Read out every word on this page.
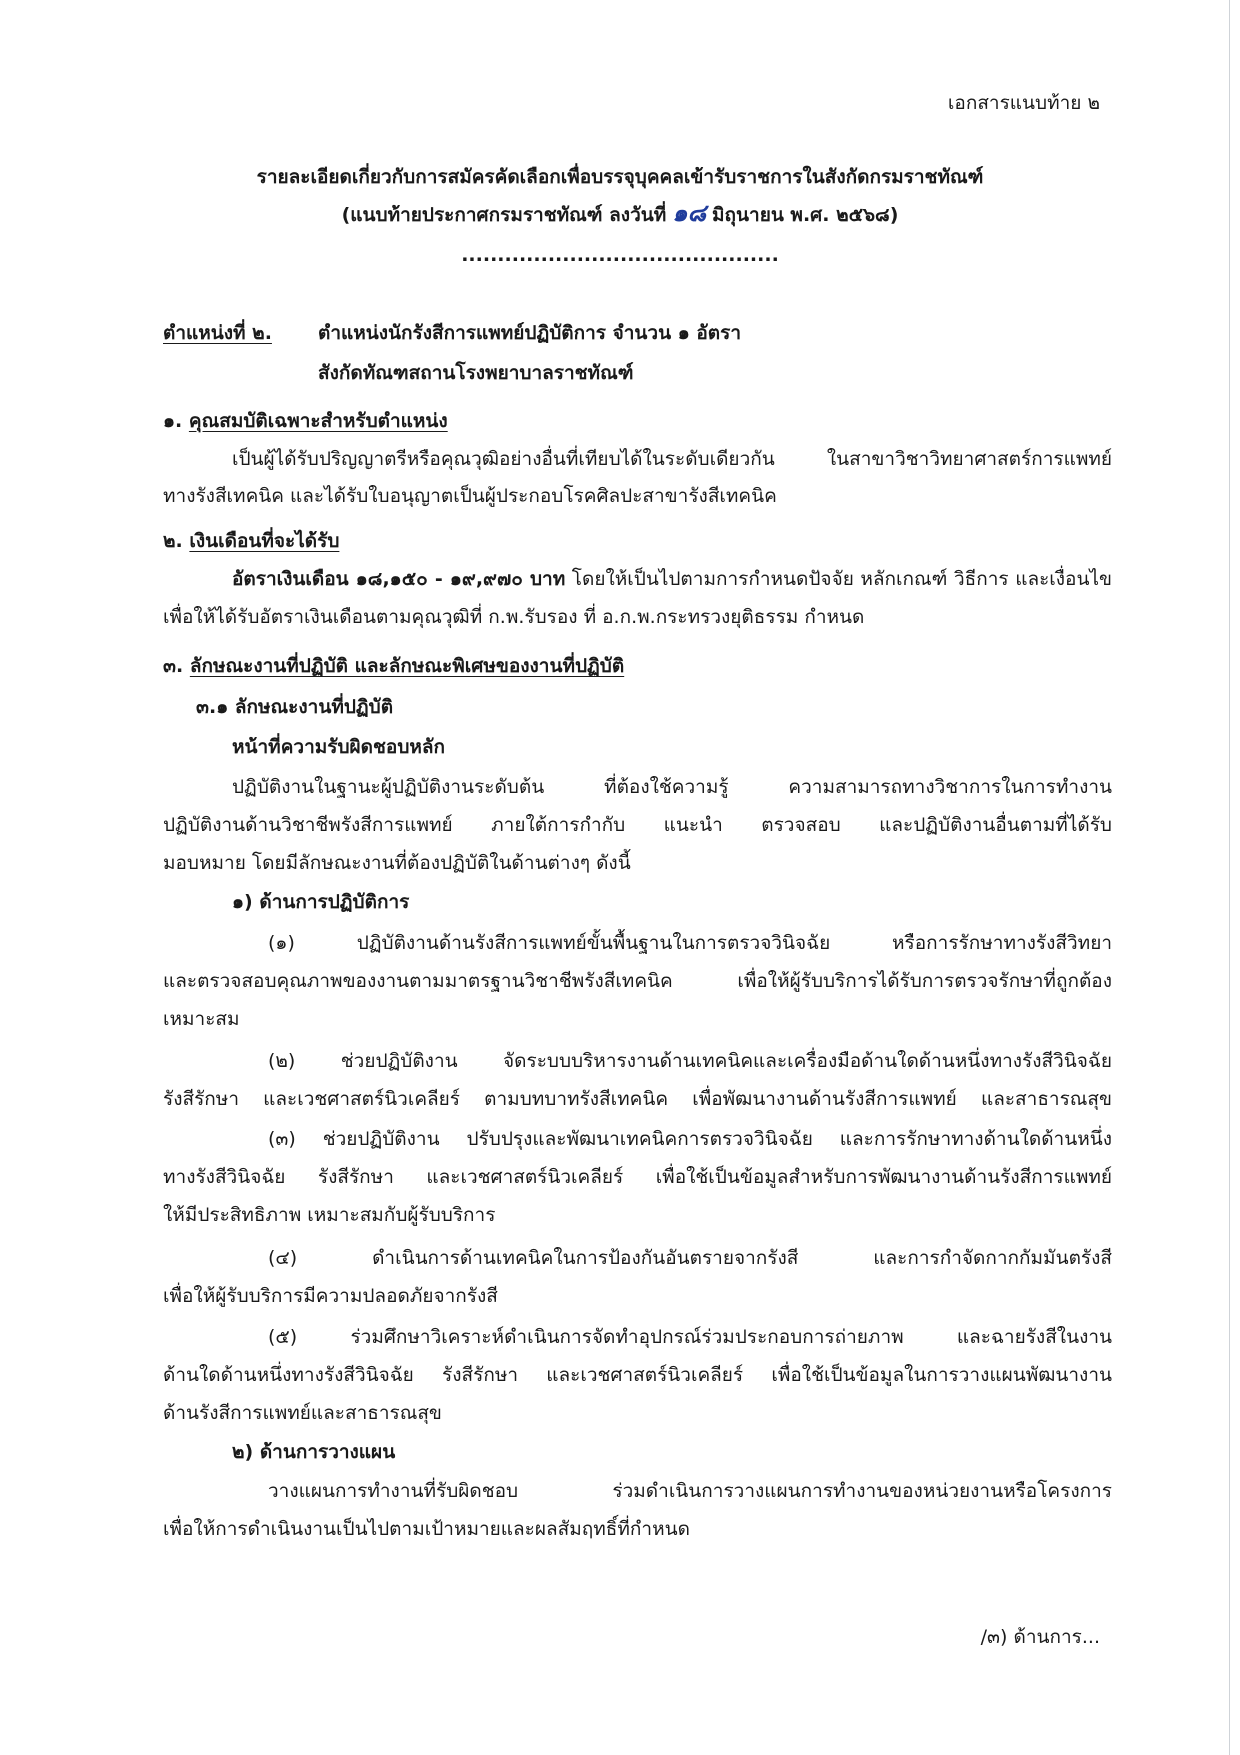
เอกสารแนบท้าย ๒
รายละเอียดเกี่ยวกับการสมัครคัดเลือกเพื่อบรรจุบุคคลเข้ารับราชการในสังกัดกรมราชทัณฑ์
(แนบท้ายประกาศกรมราชทัณฑ์ ลงวันที่ ๑๘ มิถุนายน พ.ศ. ๒๕๖๘)
............................................
ตำแหน่งที่ ๒. ตำแหน่งนักรังสีการแพทย์ปฏิบัติการ จำนวน ๑ อัตรา
สังกัดทัณฑสถานโรงพยาบาลราชทัณฑ์
๑. คุณสมบัติเฉพาะสำหรับตำแหน่ง
เป็นผู้ได้รับปริญญาตรีหรือคุณวุฒิอย่างอื่นที่เทียบได้ในระดับเดียวกัน ในสาขาวิชาวิทยาศาสตร์การแพทย์
ทางรังสีเทคนิค และได้รับใบอนุญาตเป็นผู้ประกอบโรคศิลปะสาขารังสีเทคนิค
๒. เงินเดือนที่จะได้รับ
อัตราเงินเดือน ๑๘,๑๕๐ - ๑๙,๙๗๐ บาท โดยให้เป็นไปตามการกำหนดปัจจัย หลักเกณฑ์ วิธีการ และเงื่อนไข
เพื่อให้ได้รับอัตราเงินเดือนตามคุณวุฒิที่ ก.พ.รับรอง ที่ อ.ก.พ.กระทรวงยุติธรรม กำหนด
๓. ลักษณะงานที่ปฏิบัติ และลักษณะพิเศษของงานที่ปฏิบัติ
๓.๑ ลักษณะงานที่ปฏิบัติ
หน้าที่ความรับผิดชอบหลัก
ปฏิบัติงานในฐานะผู้ปฏิบัติงานระดับต้น ที่ต้องใช้ความรู้ ความสามารถทางวิชาการในการทำงาน
ปฏิบัติงานด้านวิชาชีพรังสีการแพทย์ ภายใต้การกำกับ แนะนำ ตรวจสอบ และปฏิบัติงานอื่นตามที่ได้รับ
มอบหมาย โดยมีลักษณะงานที่ต้องปฏิบัติในด้านต่างๆ ดังนี้
๑) ด้านการปฏิบัติการ
(๑) ปฏิบัติงานด้านรังสีการแพทย์ขั้นพื้นฐานในการตรวจวินิจฉัย หรือการรักษาทางรังสีวิทยา
และตรวจสอบคุณภาพของงานตามมาตรฐานวิชาชีพรังสีเทคนิค เพื่อให้ผู้รับบริการได้รับการตรวจรักษาที่ถูกต้อง
เหมาะสม
(๒) ช่วยปฏิบัติงาน จัดระบบบริหารงานด้านเทคนิคและเครื่องมือด้านใดด้านหนึ่งทางรังสีวินิจฉัย
รังสีรักษา และเวชศาสตร์นิวเคลียร์ ตามบทบาทรังสีเทคนิค เพื่อพัฒนางานด้านรังสีการแพทย์ และสาธารณสุข
(๓) ช่วยปฏิบัติงาน ปรับปรุงและพัฒนาเทคนิคการตรวจวินิจฉัย และการรักษาทางด้านใดด้านหนึ่ง
ทางรังสีวินิจฉัย รังสีรักษา และเวชศาสตร์นิวเคลียร์ เพื่อใช้เป็นข้อมูลสำหรับการพัฒนางานด้านรังสีการแพทย์
ให้มีประสิทธิภาพ เหมาะสมกับผู้รับบริการ
(๔) ดำเนินการด้านเทคนิคในการป้องกันอันตรายจากรังสี และการกำจัดกากกัมมันตรังสี
เพื่อให้ผู้รับบริการมีความปลอดภัยจากรังสี
(๕) ร่วมศึกษาวิเคราะห์ดำเนินการจัดทำอุปกรณ์ร่วมประกอบการถ่ายภาพ และฉายรังสีในงาน
ด้านใดด้านหนึ่งทางรังสีวินิจฉัย รังสีรักษา และเวชศาสตร์นิวเคลียร์ เพื่อใช้เป็นข้อมูลในการวางแผนพัฒนางาน
ด้านรังสีการแพทย์และสาธารณสุข
๒) ด้านการวางแผน
วางแผนการทำงานที่รับผิดชอบ ร่วมดำเนินการวางแผนการทำงานของหน่วยงานหรือโครงการ
เพื่อให้การดำเนินงานเป็นไปตามเป้าหมายและผลสัมฤทธิ์ที่กำหนด
/๓) ด้านการ...
